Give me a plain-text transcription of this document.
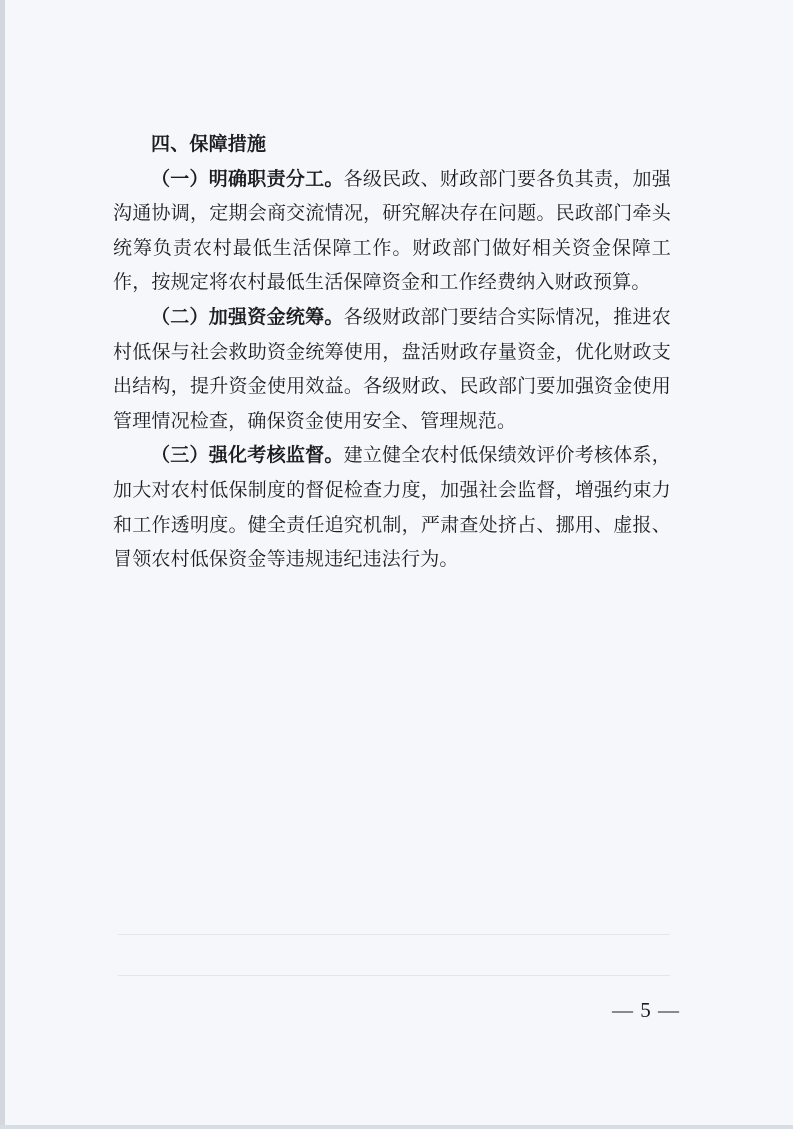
四、保障措施

（一）明确职责分工。各级民政、财政部门要各负其责，加强沟通协调，定期会商交流情况，研究解决存在问题。民政部门牵头统筹负责农村最低生活保障工作。财政部门做好相关资金保障工作，按规定将农村最低生活保障资金和工作经费纳入财政预算。

（二）加强资金统筹。各级财政部门要结合实际情况，推进农村低保与社会救助资金统筹使用，盘活财政存量资金，优化财政支出结构，提升资金使用效益。各级财政、民政部门要加强资金使用管理情况检查，确保资金使用安全、管理规范。

（三）强化考核监督。建立健全农村低保绩效评价考核体系，加大对农村低保制度的督促检查力度，加强社会监督，增强约束力和工作透明度。健全责任追究机制，严肃查处挤占、挪用、虚报、冒领农村低保资金等违规违纪违法行为。

— 5 —
